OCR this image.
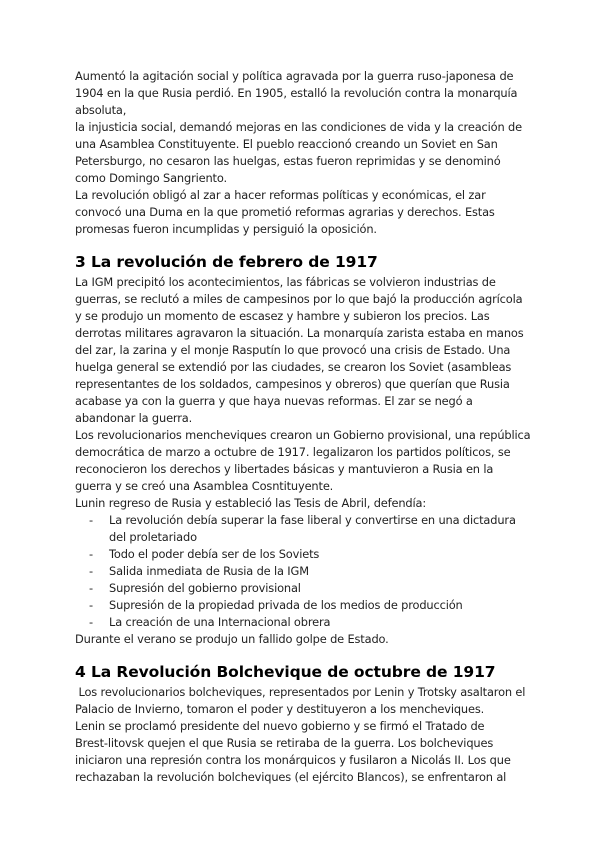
Aumentó la agitación social y política agravada por la guerra ruso-japonesa de

1904 en la que Rusia perdió. En 1905, estalló la revolución contra la monarquía

absoluta,

la injusticia social, demandó mejoras en las condiciones de vida y la creación de

una Asamblea Constituyente. El pueblo reaccionó creando un Soviet en San

Petersburgo, no cesaron las huelgas, estas fueron reprimidas y se denominó

como Domingo Sangriento.

La revolución obligó al zar a hacer reformas políticas y económicas, el zar

convocó una Duma en la que prometió reformas agrarias y derechos. Estas

promesas fueron incumplidas y persiguió la oposición.

3 La revolución de febrero de 1917

La IGM precipitó los acontecimientos, las fábricas se volvieron industrias de

guerras, se reclutó a miles de campesinos por lo que bajó la producción agrícola

y se produjo un momento de escasez y hambre y subieron los precios. Las

derrotas militares agravaron la situación. La monarquía zarista estaba en manos

del zar, la zarina y el monje Rasputín lo que provocó una crisis de Estado. Una

huelga general se extendió por las ciudades, se crearon los Soviet (asambleas

representantes de los soldados, campesinos y obreros) que querían que Rusia

acabase ya con la guerra y que haya nuevas reformas. El zar se negó a

abandonar la guerra.

Los revolucionarios mencheviques crearon un Gobierno provisional, una república

democrática de marzo a octubre de 1917. legalizaron los partidos políticos, se

reconocieron los derechos y libertades básicas y mantuvieron a Rusia en la

guerra y se creó una Asamblea Cosntituyente.

Lunin regreso de Rusia y estableció las Tesis de Abril, defendía:

- La revolución debía superar la fase liberal y convertirse en una dictadura
del proletariado
- Todo el poder debía ser de los Soviets
- Salida inmediata de Rusia de la IGM
- Supresión del gobierno provisional
- Supresión de la propiedad privada de los medios de producción
- La creación de una Internacional obrera

Durante el verano se produjo un fallido golpe de Estado.

4 La Revolución Bolchevique de octubre de 1917

Los revolucionarios bolcheviques, representados por Lenin y Trotsky asaltaron el

Palacio de Invierno, tomaron el poder y destituyeron a los mencheviques.

Lenin se proclamó presidente del nuevo gobierno y se firmó el Tratado de

Brest-litovsk quejen el que Rusia se retiraba de la guerra. Los bolcheviques

iniciaron una represión contra los monárquicos y fusilaron a Nicolás II. Los que

rechazaban la revolución bolcheviques (el ejército Blancos), se enfrentaron al
